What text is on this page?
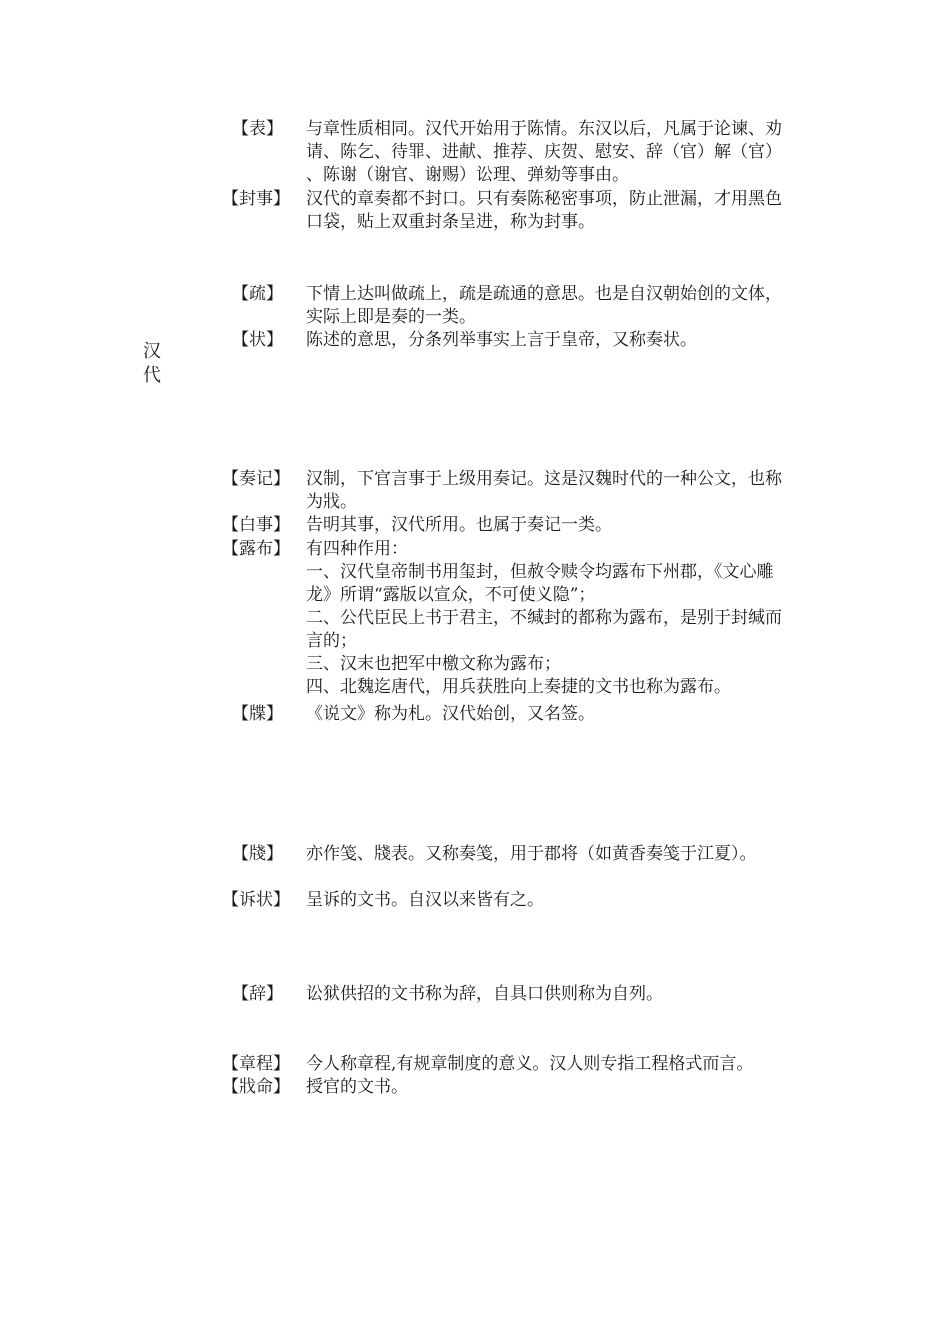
汉
代
【表】	与章性质相同。汉代开始用于陈情。东汉以后，凡属于论谏、劝
请、陈乞、待罪、进献、推荐、庆贺、慰安、辞（官）解（官）
、陈谢（谢官、谢赐）讼理、弹劾等事由。
【封事】 汉代的章奏都不封口。只有奏陈秘密事项，防止泄漏，才用黑色
口袋，贴上双重封条呈进，称为封事。
【疏】	下情上达叫做疏上，疏是疏通的意思。也是自汉朝始创的文体，
实际上即是奏的一类。
【状】	陈述的意思，分条列举事实上言于皇帝，又称奏状。
【奏记】 汉制，下官言事于上级用奏记。这是汉魏时代的一种公文，也称
为戕。
【白事】 告明其事，汉代所用。也属于奏记一类。
【露布】 有四种作用：
一、汉代皇帝制书用玺封，但赦令赎令均露布下州郡，《文心雕
龙》所谓“露版以宣众，不可使义隐”；
二、公代臣民上书于君主，不缄封的都称为露布，是别于封缄而
言的；
三、汉末也把军中檄文称为露布；
四、北魏迄唐代，用兵获胜向上奏捷的文书也称为露布。
【牒】	《说文》称为札。汉代始创，又名签。
【牋】	亦作笺、牋表。又称奏笺，用于郡将（如黄香奏笺于江夏）。
【诉状】 呈诉的文书。自汉以来皆有之。
【辞】	讼狱供招的文书称为辞，自具口供则称为自列。
【章程】 今人称章程,有规章制度的意义。汉人则专指工程格式而言。
【戕命】 授官的文书。
